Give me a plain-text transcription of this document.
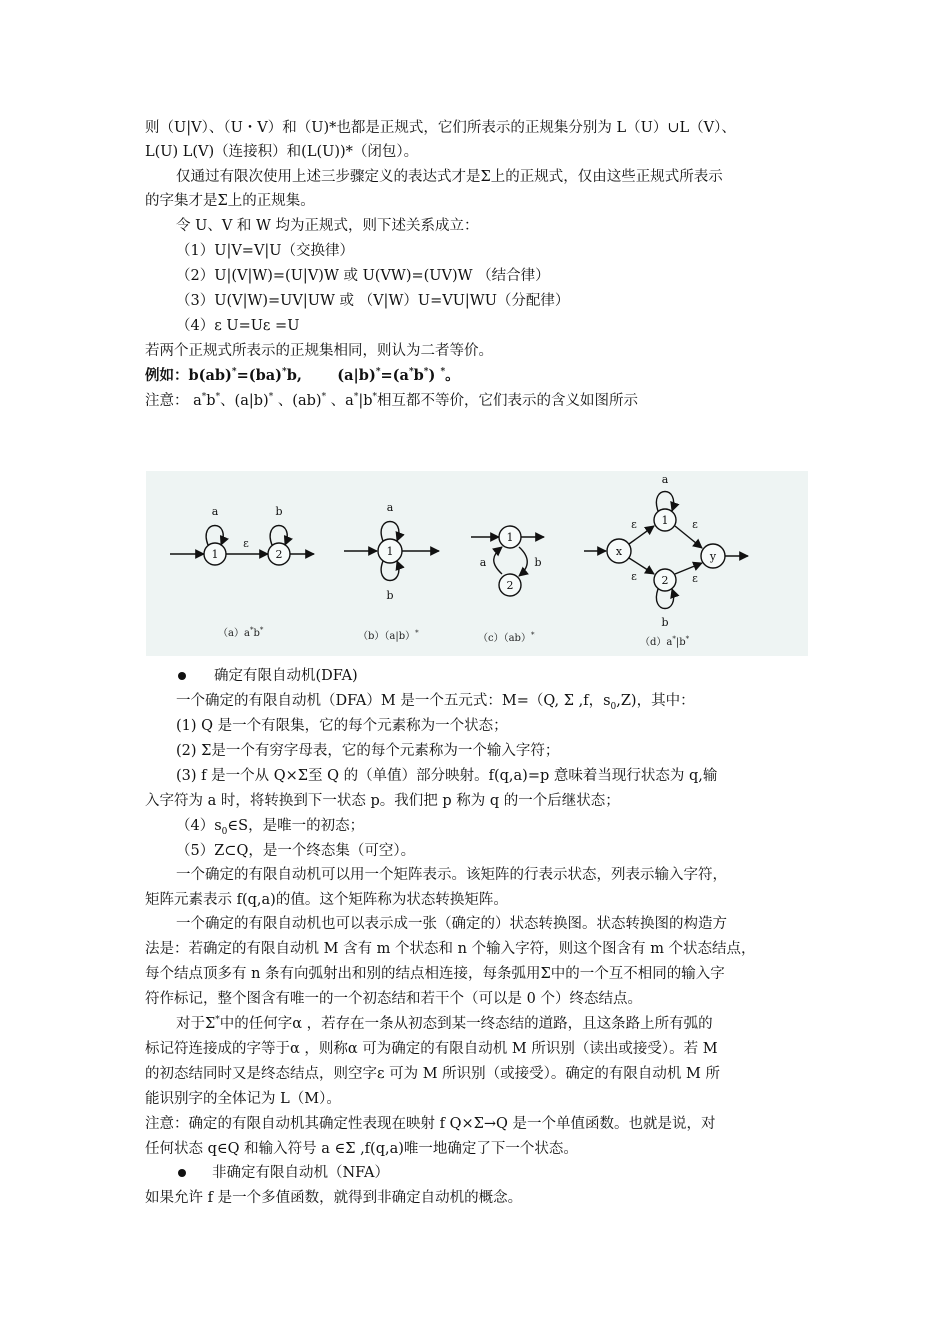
则（U|V）、（U・V）和（U)*也都是正规式，它们所表示的正规集分别为 L（U）∪L（V）、
L(U) L(V)（连接积）和(L(U))*（闭包）。
仅通过有限次使用上述三步骤定义的表达式才是Σ上的正规式，仅由这些正规式所表示
的字集才是Σ上的正规集。
令 U、V 和 W 均为正规式，则下述关系成立：
（1）U|V=V|U（交换律）
（2）U|(V|W)=(U|V)W 或 U(VW)=(UV)W （结合律）
（3）U(V|W)=UV|UW 或 （V|W）U=VU|WU（分配律）
（4）ε U=Uε =U
若两个正规式所表示的正规集相同，则认为二者等价。
例如：b(ab)*=(ba)*b, (a|b)*=(a*b*) *。
注意： a*b*、(a|b)* 、(ab)* 、a*|b*相互都不等价，它们表示的含义如图所示
1	2	1
1
2
x
1
2
y
a	b
ε
a
b
a	b
a
b
ε
ε
ε
ε
（a）a*b*
（b）（a|b）*	（c）（ab）*
（d）a*|b*
确定有限自动机(DFA)
一个确定的有限自动机（DFA）M 是一个五元式：M=（Q, Σ ,f，$s_0,Z$)，其中：
(1) Q 是一个有限集，它的每个元素称为一个状态；
(2) Σ是一个有穷字母表，它的每个元素称为一个输入字符；
(3) f 是一个从 Q×Σ至 Q 的（单值）部分映射。f(q,a)=p 意味着当现行状态为 q,输
入字符为 a 时，将转换到下一状态 p。我们把 p 称为 q 的一个后继状态；
$(4)s_0\in S$，是唯一的初态；
（5）Z⊂Q，是一个终态集（可空）。
一个确定的有限自动机可以用一个矩阵表示。该矩阵的行表示状态，列表示输入字符，
矩阵元素表示 f(q,a)的值。这个矩阵称为状态转换矩阵。
一个确定的有限自动机也可以表示成一张（确定的）状态转换图。状态转换图的构造方
法是：若确定的有限自动机 M 含有 m 个状态和 n 个输入字符，则这个图含有 m 个状态结点，
每个结点顶多有 n 条有向弧射出和别的结点相连接，每条弧用Σ中的一个互不相同的输入字
符作标记，整个图含有唯一的一个初态结和若干个（可以是 0 个）终态结点。
对于Σ*中的任何字α ，若存在一条从初态到某一终态结的道路，且这条路上所有弧的
标记符连接成的字等于α ，则称α 可为确定的有限自动机 M 所识别（读出或接受）。若 M
的初态结同时又是终态结点，则空字ε 可为 M 所识别（或接受）。确定的有限自动机 M 所
能识别字的全体记为 L（M）。
注意：确定的有限自动机其确定性表现在映射 f Q×Σ→Q 是一个单值函数。也就是说，对
任何状态 q∈Q 和输入符号 a ∈Σ ,f(q,a)唯一地确定了下一个状态。
非确定有限自动机（NFA）
如果允许 f 是一个多值函数，就得到非确定自动机的概念。
